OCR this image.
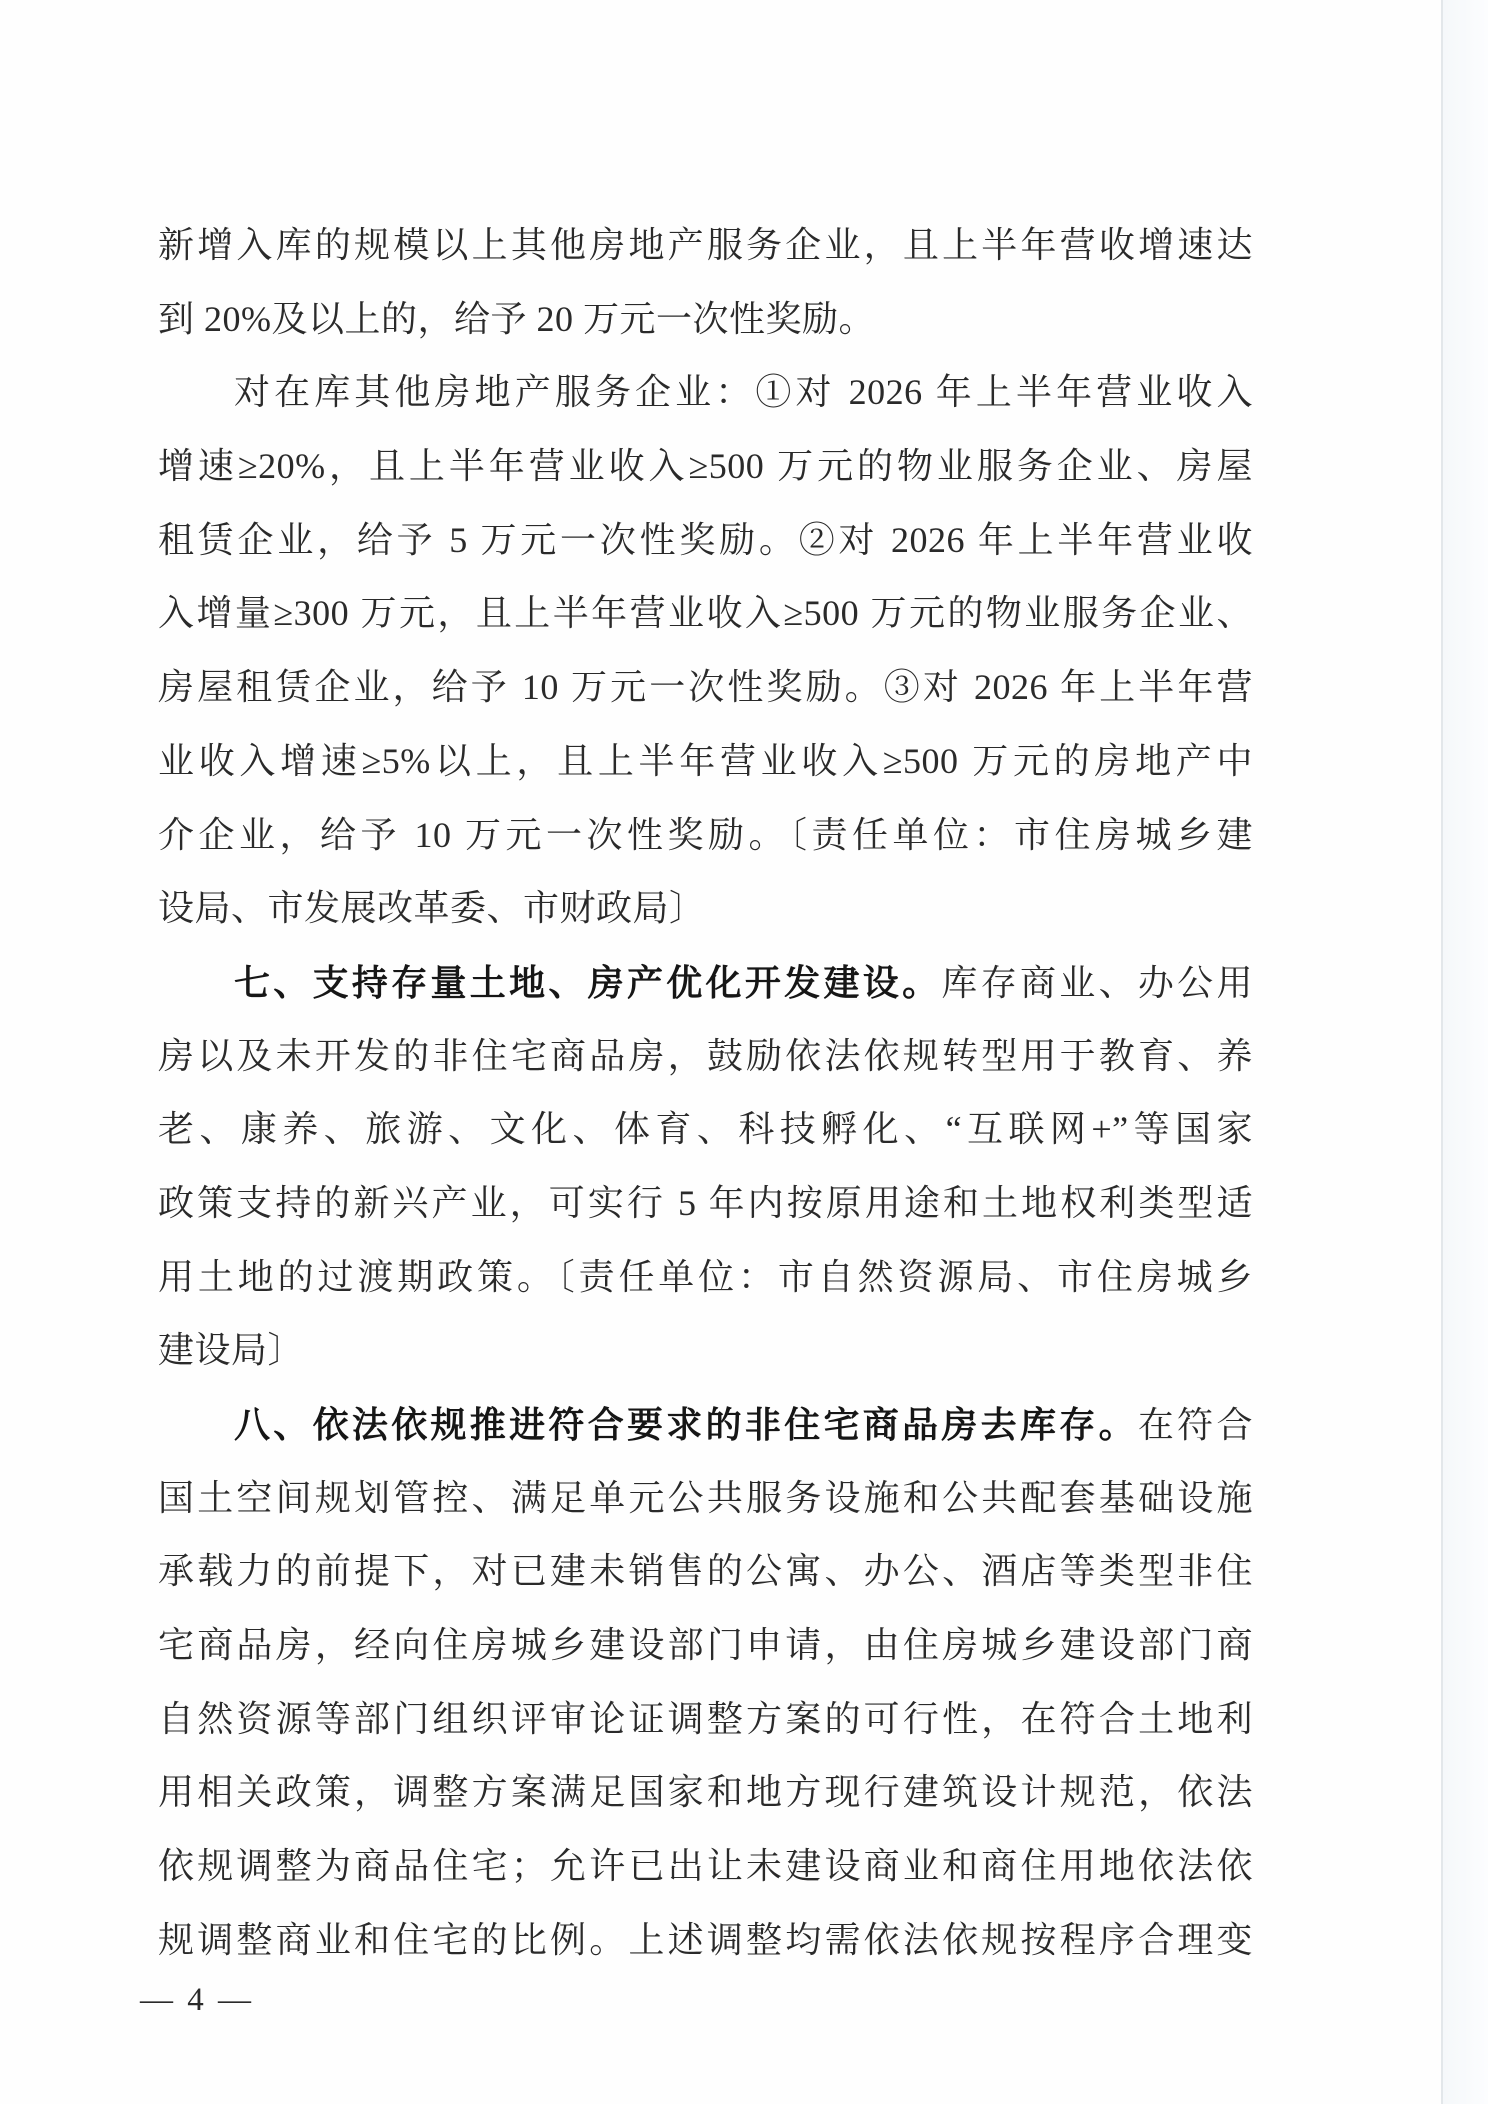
新增入库的规模以上其他房地产服务企业，且上半年营收增速达
到 20%及以上的，给予 20 万元一次性奖励。
对在库其他房地产服务企业：①对 2026 年上半年营业收入
增速≥20%，且上半年营业收入≥500 万元的物业服务企业、房屋
租赁企业，给予 5 万元一次性奖励。②对 2026 年上半年营业收
入增量≥300 万元，且上半年营业收入≥500 万元的物业服务企业、
房屋租赁企业，给予 10 万元一次性奖励。③对 2026 年上半年营
业收入增速≥5%以上，且上半年营业收入≥500 万元的房地产中
介企业，给予 10 万元一次性奖励。〔责任单位：市住房城乡建
设局、市发展改革委、市财政局〕
七、支持存量土地、房产优化开发建设。库存商业、办公用
房以及未开发的非住宅商品房，鼓励依法依规转型用于教育、养
老、康养、旅游、文化、体育、科技孵化、“互联网+”等国家
政策支持的新兴产业，可实行 5 年内按原用途和土地权利类型适
用土地的过渡期政策。〔责任单位：市自然资源局、市住房城乡
建设局〕
八、依法依规推进符合要求的非住宅商品房去库存。在符合
国土空间规划管控、满足单元公共服务设施和公共配套基础设施
承载力的前提下，对已建未销售的公寓、办公、酒店等类型非住
宅商品房，经向住房城乡建设部门申请，由住房城乡建设部门商
自然资源等部门组织评审论证调整方案的可行性，在符合土地利
用相关政策，调整方案满足国家和地方现行建筑设计规范，依法
依规调整为商品住宅；允许已出让未建设商业和商住用地依法依
规调整商业和住宅的比例。上述调整均需依法依规按程序合理变
— 4 —
